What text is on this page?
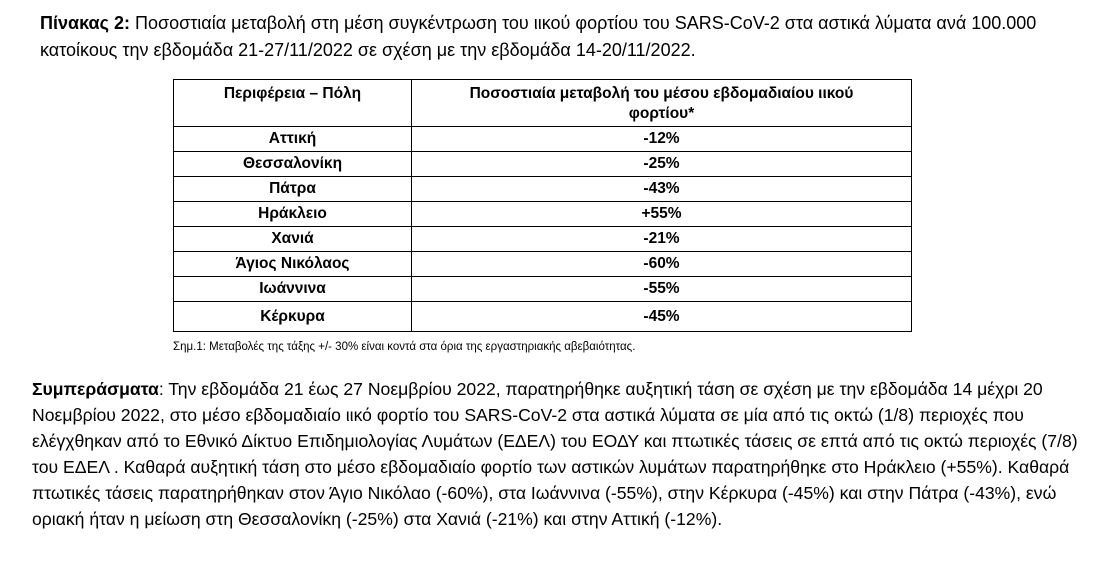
Πίνακας 2: Ποσοστιαία μεταβολή στη μέση συγκέντρωση του ιικού φορτίου του SARS-CoV-2 στα αστικά λύματα ανά 100.000 κατοίκους την εβδομάδα 21-27/11/2022 σε σχέση με την εβδομάδα 14-20/11/2022.
Περιφέρεια – Πόλη	Ποσοστιαία μεταβολή του μέσου εβδομαδιαίου ιικού
φορτίου*
Αττική	-12%
Θεσσαλονίκη	-25%
Πάτρα	-43%
Ηράκλειο	+55%
Χανιά	-21%
Άγιος Νικόλαος	-60%
Ιωάννινα	-55%
Κέρκυρα	-45%
Σημ.1: Μεταβολές της τάξης +/- 30% είναι κοντά στα όρια της εργαστηριακής αβεβαιότητας.
Συμπεράσματα: Την εβδομάδα 21 έως 27 Νοεμβρίου 2022, παρατηρήθηκε αυξητική τάση σε σχέση με την εβδομάδα 14 μέχρι 20 Νοεμβρίου 2022, στο μέσο εβδομαδιαίο ιικό φορτίο του SARS-CoV-2 στα αστικά λύματα σε μία από τις οκτώ (1/8) περιοχές που ελέγχθηκαν από το Εθνικό Δίκτυο Επιδημιολογίας Λυμάτων (ΕΔΕΛ) του ΕΟΔΥ και πτωτικές τάσεις σε επτά από τις οκτώ περιοχές (7/8) του ΕΔΕΛ . Καθαρά αυξητική τάση στο μέσο εβδομαδιαίο φορτίο των αστικών λυμάτων παρατηρήθηκε στο Ηράκλειο (+55%). Καθαρά πτωτικές τάσεις παρατηρήθηκαν στον Άγιο Νικόλαο (-60%), στα Ιωάννινα (-55%), στην Κέρκυρα (-45%) και στην Πάτρα (-43%), ενώ οριακή ήταν η μείωση στη Θεσσαλονίκη (-25%) στα Χανιά (-21%) και στην Αττική (-12%).
